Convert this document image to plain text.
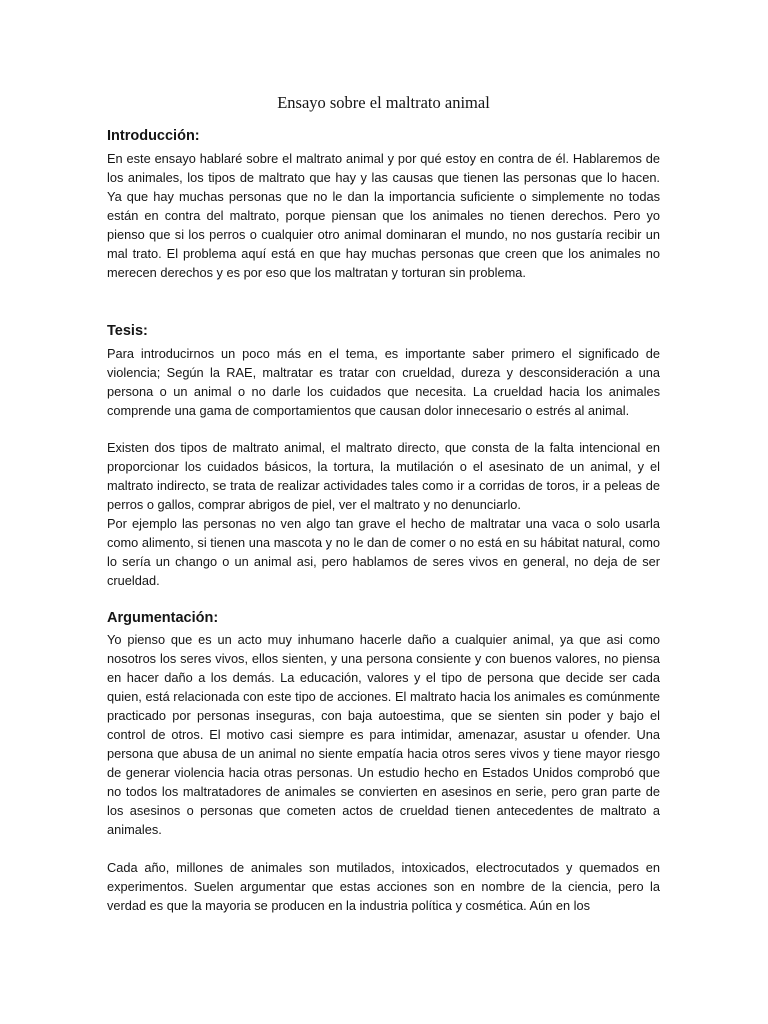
Ensayo sobre el maltrato animal
Introducción:

En este ensayo hablaré sobre el maltrato animal y por qué estoy en contra de él. Hablaremos de los animales, los tipos de maltrato que hay y las causas que tienen las personas que lo hacen. Ya que hay muchas personas que no le dan la importancia suficiente o simplemente no todas están en contra del maltrato, porque piensan que los animales no tienen derechos. Pero yo pienso que si los perros o cualquier otro animal dominaran el mundo, no nos gustaría recibir un mal trato. El problema aquí está en que hay muchas personas que creen que los animales no merecen derechos y es por eso que los maltratan y torturan sin problema.

Tesis:

Para introducirnos un poco más en el tema, es importante saber primero el significado de violencia; Según la RAE, maltratar es tratar con crueldad, dureza y desconsideración a una persona o un animal o no darle los cuidados que necesita. La crueldad hacia los animales comprende una gama de comportamientos que causan dolor innecesario o estrés al animal.

Existen dos tipos de maltrato animal, el maltrato directo, que consta de la falta intencional en proporcionar los cuidados básicos, la tortura, la mutilación o el asesinato de un animal, y el maltrato indirecto, se trata de realizar actividades tales como ir a corridas de toros, ir a peleas de perros o gallos, comprar abrigos de piel, ver el maltrato y no denunciarlo.

Por ejemplo las personas no ven algo tan grave el hecho de maltratar una vaca o solo usarla como alimento, si tienen una mascota y no le dan de comer o no está en su hábitat natural, como lo sería un chango o un animal asi, pero hablamos de seres vivos en general, no deja de ser crueldad.

Argumentación:

Yo pienso que es un acto muy inhumano hacerle daño a cualquier animal, ya que asi como nosotros los seres vivos, ellos sienten, y una persona consiente y con buenos valores, no piensa en hacer daño a los demás. La educación, valores y el tipo de persona que decide ser cada quien, está relacionada con este tipo de acciones. El maltrato hacia los animales es comúnmente practicado por personas inseguras, con baja autoestima, que se sienten sin poder y bajo el control de otros. El motivo casi siempre es para intimidar, amenazar, asustar u ofender. Una persona que abusa de un animal no siente empatía hacia otros seres vivos y tiene mayor riesgo de generar violencia hacia otras personas. Un estudio hecho en Estados Unidos comprobó que no todos los maltratadores de animales se convierten en asesinos en serie, pero gran parte de los asesinos o personas que cometen actos de crueldad tienen antecedentes de maltrato a animales.

Cada año, millones de animales son mutilados, intoxicados, electrocutados y quemados en experimentos. Suelen argumentar que estas acciones son en nombre de la ciencia, pero la verdad es que la mayoria se producen en la industria política y cosmética. Aún en los
